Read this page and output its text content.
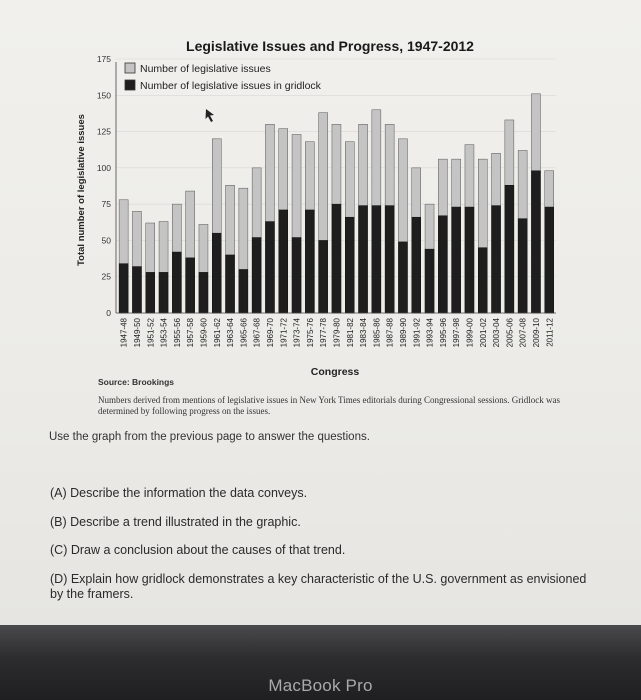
Legislative Issues and Progress, 1947-2012
Total number of legislative issues
Congress
0
25
50
75
100
125
150
175
1947-48 1949-50 1951-52 1953-54 1955-56 1957-58 1959-60 1961-62 1963-64 1965-66 1967-68 1969-70 1971-72 1973-74 1975-76 1977-78 1979-80 1981-82 1983-84 1985-86 1987-88 1989-90 1991-92 1993-94 1995-96 1997-98 1999-00 2001-02 2003-04 2005-06 2007-08 2009-10 2011-12
Number of legislative issues
Number of legislative issues in gridlock
Source: Brookings
Numbers derived from mentions of legislative issues in New York Times editorials during Congressional sessions. Gridlock was determined by following progress on the issues.
Use the graph from the previous page to answer the questions.
(A) Describe the information the data conveys.
(B) Describe a trend illustrated in the graphic.
(C) Draw a conclusion about the causes of that trend.
(D) Explain how gridlock demonstrates a key characteristic of the U.S. government as envisioned by the framers.
MacBook Pro
